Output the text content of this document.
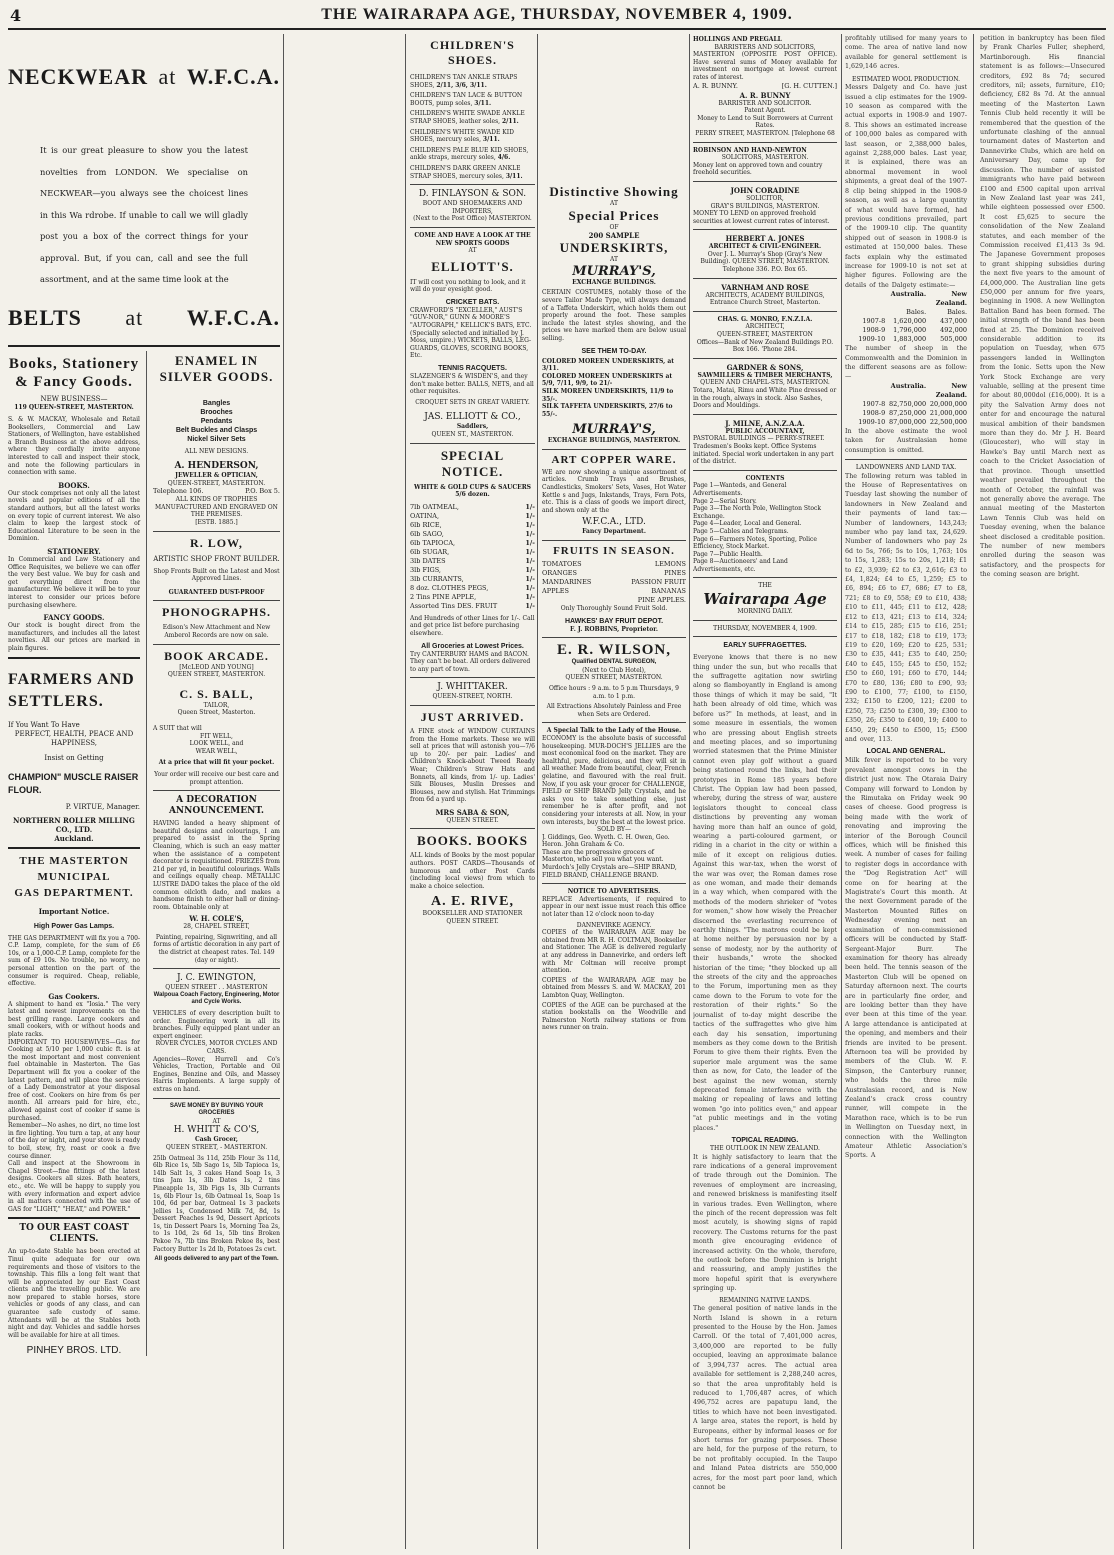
4	THE WAIRARAPA AGE, THURSDAY, NOVEMBER 4, 1909.
NECKWEAR at W.F.C.A.
It is our great pleasure to show you the latest novelties from LONDON. We specialise on NECKWEAR—you always see the choicest lines in this Wa rdrobe. If unable to call we will gladly post you a box of the correct things for your approval. But, if you can, call and see the full assortment, and at the same time look at the
BELTS at W.F.C.A.
Books, Stationery & Fancy Goods.
NEW BUSINESS—
119 QUEEN-STREET, MASTERTON.
S. & W. MACKAY, Wholesale and Retail Booksellers, Commercial and Law Stationers, of Wellington, have established a Branch Business at the above address, where they cordially invite anyone interested to call and inspect their stock, and note the following particulars in connection with same.
BOOKS.
Our stock comprises not only all the latest novels and popular editions of all the standard authors, but all the latest works on every topic of current interest. We also claim to keep the largest stock of Educational Literature to be seen in the Dominion.
STATIONERY.
In Commercial and Law Stationery and Office Requisites, we believe we can offer the very best value. We buy for cash and get everything direct from the manufacturer. We believe it will be to your interest to consider our prices before purchasing elsewhere.
FANCY GOODS.
Our stock is bought direct from the manufacturers, and includes all the latest novelties. All our prices are marked in plain figures.
FARMERS AND SETTLERS.
If You Want To Have
PERFECT, HEALTH, PEACE AND HAPPINESS,
Insist on Getting
CHAMPION" MUSCLE RAISER FLOUR.
P. VIRTUE, Manager.
NORTHERN ROLLER MILLING CO., LTD.
Auckland.
THE MASTERTON
MUNICIPAL
GAS DEPARTMENT.
Important Notice.
High Power Gas Lamps.
THE GAS DEPARTMENT will fix you a 700-C.P. Lamp, complete, for the sum of £6 10s, or a 1,000-C.P. Lamp, complete for the sum of £9 10s. No trouble, no worry, no personal attention on the part of the consumer is required. Cheap, reliable, effective.
Gas Cookers.
A shipment to hand ex "Iosia." The very latest and newest improvements on the best grilling range. Large cookers and small cookers, with or without hoods and plate racks.
IMPORTANT TO HOUSEWIVES—Gas for Cooking at 5/10 per 1,000 cubic ft. is at the most important and most convenient fuel obtainable in Masterton. The Gas Department will fix you a cooker of the latest pattern, and will place the services of a Lady Demonstrator at your disposal free of cost. Cookers on hire from 6s per month. All arrears paid for hire, etc., allowed against cost of cooker if same is purchased.
Remember—No ashes, no dirt, no time lost in fire lighting. You turn a tap, at any hour of the day or night, and your stove is ready to boil, stew, fry, roast or cook a five course dinner.
Call and inspect at the Showroom in Chapel Street—fine fittings of the latest designs. Cookers all sizes. Bath heaters, etc., etc. We will be happy to supply you with every information and expert advice in all matters connected with the use of GAS for "LIGHT," "HEAT," and POWER."
TO OUR EAST COAST CLIENTS.
An up-to-date Stable has been erected at Tinui quite adequate for our own requirements and those of visitors to the township. This fills a long felt want that will be appreciated by our East Coast clients and the travelling public. We are now prepared to stable horses, store vehicles or goods of any class, and can guarantee safe custody of same. Attendants will be at the Stables both night and day. Vehicles and saddle horses will be available for hire at all times.
PINHEY BROS. LTD.
ENAMEL IN SILVER GOODS.
Bangles
Brooches
Pendants
Belt Buckles and Clasps
Nickel Silver Sets
ALL NEW DESIGNS.
A. HENDERSON,
JEWELLER & OPTICIAN,
QUEEN-STREET, MASTERTON.
Telephone 106.	P.O. Box 5.
ALL KINDS OF TROPHIES MANUFACTURED AND ENGRAVED ON THE PREMISES.
[ESTB. 1885.]
R. LOW,
ARTISTIC SHOP FRONT BUILDER.
Shop Fronts Built on the Latest and Most Approved Lines.
GUARANTEED DUST-PROOF
PHONOGRAPHS.
Edison's New Attachment and New Amberol Records are now on sale.
BOOK ARCADE.
[McLEOD AND YOUNG]
QUEEN STREET, MASTERTON.
C. S. BALL,
TAILOR,
Queen Street, Masterton.
A SUIT that will
FIT WELL,
LOOK WELL, and
WEAR WELL,
At a price that will fit your pocket.
Your order will receive our best care and prompt attention.
A DECORATION ANNOUNCEMENT.
HAVING landed a heavy shipment of beautiful designs and colourings, I am prepared to assist in the Spring Cleaning, which is such an easy matter when the assistance of a competent decorator is requisitioned. FRIEZES from 21d per yd, in beautiful colourings. Walls and ceilings equally cheap. METALLIC LUSTRE DADO takes the place of the old common oilcloth dado, and makes a handsome finish to either hall or dining-room. Obtainable only at
W. H. COLE'S,
28, CHAPEL STREET,
Painting, repairing, Signwriting, and all forms of artistic decoration in any part of the district at cheapest rates. Tel. 149 (day or night).
J. C. EWINGTON,
QUEEN STREET . . MASTERTON
Walpoua Coach Factory, Engineering, Motor and Cycle Works.
VEHICLES of every description built to order. Engineering work in all its branches. Fully equipped plant under an expert engineer.
ROVER CYCLES, MOTOR CYCLES AND CARS.
Agencies—Rover, Hurrell and Co's Vehicles, Traction, Portable and Oil Engines, Benzine and Oils, and Massey Harris Implements. A large supply of extras on hand.
SAVE MONEY BY BUYING YOUR GROCERIES
AT
H. WHITT & CO'S,
Cash Grocer,
QUEEN STREET, - MASTERTON.
25lb Oatmeal 3s 11d, 25lb Flour 3s 11d, 6lb Rice 1s, 5lb Sago 1s, 5lb Tapioca 1s, 14lb Salt 1s, 3 cakes Hand Soap 1s, 3 tins Jam 1s, 3lb Dates 1s, 2 tins Pineapple 1s, 3lb Figs 1s, 3lb Currants 1s, 6lb Flour 1s, 6lb Oatmeal 1s, Soap 1s 10d, 6d per bar, Oatmeal 1s 3 packets Jellies 1s, Condensed Milk 7d, 8d, 1s Dessert Peaches 1s 9d, Dessert Apricots 1s, tin Dessert Pears 1s, Morning Tea 2s, to 1s 10d, 2s 6d 1s, 5lb tins Broken Pekoe 7s, 7lb tins Broken Pekoe 8s, best Factory Butter 1s 2d lb, Potatoes 2s cwt.
All goods delivered to any part of the Town.
CHILDREN'S SHOES.
CHILDREN'S TAN ANKLE STRAPS SHOES, 2/11, 3/6, 3/11.
CHILDREN'S TAN LACE & BUTTON BOOTS, pump soles, 3/11.
CHILDREN'S WHITE SWADE ANKLE STRAP SHOES, leather soles, 2/11.
CHILDREN'S WHITE SWADE KID SHOES, mercury soles, 3/11.
CHILDREN'S PALE BLUE KID SHOES, ankle straps, mercury soles, 4/6.
CHILDREN'S DARK GREEN ANKLE STRAP SHOES, mercury soles, 3/11.
D. FINLAYSON & SON.
BOOT AND SHOEMAKERS AND IMPORTERS,
(Next to the Post Office) MASTERTON.
COME AND HAVE A LOOK AT THE NEW SPORTS GOODS
AT
ELLIOTT'S.
IT will cost you nothing to look, and it will do your eyesight good.
CRICKET BATS.
CRAWFORD'S "EXCELLER," AUST'S "GUV-NOR," GUNN & MOORE'S "AUTOGRAPH," KELLICK'S BATS, ETC. (Specially selected and initialled by J. Moss, umpire.) WICKETS, BALLS, LEG-GUARDS, GLOVES, SCORING BOOKS, Etc.
TENNIS RACQUETS.
SLAZENGER'S & WISDEN'S, and they don't make better. BALLS, NETS, and all other requisites.
CROQUET SETS IN GREAT VARIETY.
JAS. ELLIOTT & CO.,
Saddlers,
QUEEN ST., MASTERTON.
SPECIAL NOTICE.
WHITE & GOLD CUPS & SAUCERS 5/6 dozen.
7lb OATMEAL,	1/-
OATINA,	1/-
6lb RICE,	1/-
6lb SAGO,	1/-
6lb TAPIOCA,	1/-
6lb SUGAR,	1/-
3lb DATES	1/-
3lb FIGS,	1/-
3lb CURRANTS,	1/-
8 doz. CLOTHES PEGS,	1/-
2 Tins PINE APPLE,	1/-
Assorted Tins DES. FRUIT	1/-
And Hundreds of other Lines for 1/-. Call and get price list before purchasing elsewhere.
All Groceries at Lowest Prices.
Try CANTERBURY HAMS and BACON. They can't be beat. All orders delivered to any part of town.
J. WHITTAKER.
QUEEN-STREET, NORTH.
JUST ARRIVED.
A FINE stock of WINDOW CURTAINS from the Home markets. These we will sell at prices that will astonish you—7/6 up to 20/- per pair. Ladies' and Children's Knock-about Tweed Ready Wear; Children's Straw Hats and Bonnets, all kinds, from 1/- up. Ladies' Silk Blouses, Muslin Dresses and Blouses, new and stylish. Hat Trimmings from 6d a yard up.
MRS SABA & SON,
QUEEN STREET.
BOOKS. BOOKS
ALL kinds of Books by the most popular authors. POST CARDS—Thousands of humorous and other Post Cards (including local views) from which to make a choice selection.
A. E. RIVE,
BOOKSELLER AND STATIONER
QUEEN STREET.
Distinctive Showing
AT
Special Prices
OF
200 SAMPLE
UNDERSKIRTS,
AT
MURRAY'S,
EXCHANGE BUILDINGS.
CERTAIN COSTUMES, notably those of the severe Tailor Made Type, will always demand of a Taffeta Underskirt, which holds them out properly around the foot. These samples include the latest styles showing, and the prices we have marked them are below usual selling.
SEE THEM TO-DAY.
COLORED MOREEN UNDERSKIRTS, at 3/11.
COLORED MOREEN UNDERSKIRTS at 5/9, 7/11, 9/9, to 21/-
SILK MOREEN UNDERSKIRTS, 11/9 to 35/-.
SILK TAFFETA UNDERSKIRTS, 27/6 to 55/-.
MURRAY'S,
EXCHANGE BUILDINGS, MASTERTON.
ART COPPER WARE.
WE are now showing a unique assortment of articles. Crumb Trays and Brushes, Candlesticks, Smokers' Sets, Vases, Hot Water Kettle s and Jugs, Inkstands, Trays, Fern Pots, etc. This is a class of goods we import direct, and shown only at the
W.F.C.A., LTD.
Fancy Department.
FRUITS IN SEASON.
TOMATOES	LEMONS
ORANGES	PINES
MANDARINES	PASSION FRUIT
APPLES	BANANAS
PINE APPLES.
Only Thoroughly Sound Fruit Sold.
HAWKES' BAY FRUIT DEPOT.
F. J. ROBBINS, Proprietor.
E. R. WILSON,
Qualified DENTAL SURGEON,
(Next to Club Hotel),
QUEEN STREET, MASTERTON.
Office hours : 9 a.m. to 5 p.m Thursdays, 9 a.m. to 1 p.m.
All Extractions Absolutely Painless and Free when Sets are Ordered.
A Special Talk to the Lady of the House.
ECONOMY is the absolute basis of successful housekeeping. MUR-DOCH'S JELLIES are the most economical food on the market. They are healthful, pure, delicious, and they will sit in all weather. Made from beautiful, clear, French gelatine, and flavoured with the real fruit. Now, if you ask your grocer for CHALLENGE, FIELD or SHIP BRAND Jelly Crystals, and he asks you to take something else, just remember he is after profit, and not considering your interests at all. Now, in your own interests, buy the best at the lowest price.
SOLD BY—
J. Giddings, Geo. Wyeth. C. H. Owen, Geo. Heron. John Graham & Co.
These are the progressive grocers of Masterton, who sell you what you want.
Murdoch's Jelly Crystals are—SHIP BRAND, FIELD BRAND, CHALLENGE BRAND.
NOTICE TO ADVERTISERS.
REPLACE Advertisements, if required to appear in our next issue must reach this office not later than 12 o'clock noon to-day
DANNEVIRKE AGENCY.
COPIES of the WAIRARAPA AGE may be obtained from MR R. H. COLTMAN, Bookseller and Stationer. The AGE is delivered regularly at any address in Dannevirke, and orders left with Mr Coltman will receive prompt attention.
COPIES of the WAIRARAPA AGE may be obtained from Messrs S. and W. MACKAY, 201 Lambton Quay, Wellington.
COPIES of the AGE can be purchased at the station bookstalls on the Woodville and Palmerston North railway stations or from news runner on train.
HOLLINGS AND PREGALL
BARRISTERS AND SOLICITORS,
MASTERTON (OPPOSITE POST OFFICE). Have several sums of Money available for investment on mortgage at lowest current rates of interest.
A. R. BUNNY.	[G. H. CUTTEN.]
A. R. BUNNY
BARRISTER AND SOLICITOR.
Patent Agent.
Money to Lend to Suit Borrowers at Current Rates.
PERRY STREET, MASTERTON. [Telephone 68
ROBINSON AND HAND-NEWTON
SOLICITORS, MASTERTON.
Money lent on approved town and country freehold securities.
JOHN CORADINE
SOLICITOR,
GRAY'S BUILDINGS, MASTERTON.
MONEY TO LEND on approved freehold securities at lowest current rates of interest.
HERBERT A. JONES
ARCHITECT & CIVIL-ENGINEER.
Over J. L. Murray's Shop (Gray's New Building). QUEEN STREET, MASTERTON.
Telephone 336. P.O. Box 65.
VARNHAM AND ROSE
ARCHITECTS, ACADEMY BUILDINGS,
Entrance Church Street, Masterton.
CHAS. G. MONRO, F.N.Z.I.A.
ARCHITECT,
QUEEN-STREET, MASTERTON
Offices—Bank of New Zealand Buildings P.O. Box 166. 'Phone 284.
GARDNER & SONS,
SAWMILLERS & TIMBER MERCHANTS,
QUEEN AND CHAPEL-STS, MASTERTON.
Totara, Matai, Rimu and White Pine dressed or in the rough, always in stock. Also Sashes, Doors and Mouldings.
J. MILNE, A.N.Z.A.A.
PUBLIC ACCOUNTANT,
PASTORAL BUILDINGS — PERRY-STREET. Tradesmen's Books kept. Office Systems initiated. Special work undertaken in any part of the district.
CONTENTS
Page 1—Wanteds, and General Advertisements.
Page 2—Serial Story.
Page 3—The North Pole, Wellington Stock Exchange.
Page 4—Leader, Local and General.
Page 5—Cables and Telegrams.
Page 6—Farmers Notes, Sporting, Police Efficiency, Stock Market.
Page 7—Public Health.
Page 8—Auctioneers' and Land Advertisements, etc.
THE
Wairarapa Age
MORNING DAILY.
THURSDAY, NOVEMBER 4, 1909.
EARLY SUFFRAGETTES.
Everyone knows that there is no new thing under the sun, but who recalls that the suffragette agitation now swirling along so flamboyantly in England is among those things of which it may be said, "It hath been already of old time, which was before us?" In methods, at least, and in some measure in essentials, the women who are pressing about English streets and meeting places, and so importuning worried statesmen that the Prime Minister cannot even play golf without a guard being stationed round the links, had their prototypes in Rome 185 years before Christ. The Oppian law had been passed, whereby, during the stress of war, austere legislators thought to conceal class distinctions by preventing any woman having more than half an ounce of gold, wearing a parti-coloured garment, or riding in a chariot in the city or within a mile of it except on religious duties. Against this war-tax, when the worst of the war was over, the Roman dames rose as one woman, and made their demands in a way which, when compared with the methods of the modern shrieker of "votes for women," show how wisely the Preacher discerned the everlasting recurrence of earthly things. "The matrons could be kept at home neither by persuasion nor by a sense of modesty, nor by the authority of their husbands," wrote the shocked historian of the time; "they blocked up all the streets of the city and the approaches to the Forum, importuning men as they came down to the Forum to vote for the restoration of their rights." So the journalist of to-day might describe the tactics of the suffragettes who give him each day his sensation, importuning members as they come down to the British Forum to give them their rights. Even the superior male argument was the same then as now, for Cato, the leader of the best against the new woman, sternly deprecated female interference with the making or repealing of laws and letting women "go into politics even," and appear "at public meetings and in the voting places."
TOPICAL READING.
THE OUTLOOK IN NEW ZEALAND.
It is highly satisfactory to learn that the rare indications of a general improvement of trade through out the Dominion. The revenues of employment are increasing, and renewed briskness is manifesting itself in various trades. Even Wellington, where the pinch of the recent depression was felt most acutely, is showing signs of rapid recovery. The Customs returns for the past month give encouraging evidence of increased activity. On the whole, therefore, the outlook before the Dominion is bright and reassuring, and amply justifies the more hopeful spirit that is everywhere springing up.
REMAINING NATIVE LANDS.
The general position of native lands in the North Island is shown in a return presented to the House by the Hon. James Carroll. Of the total of 7,401,000 acres, 3,400,000 are reported to be fully occupied, leaving an approximate balance of 3,994,737 acres. The actual area available for settlement is 2,288,240 acres, so that the area unprofitably held is reduced to 1,706,487 acres, of which 496,752 acres are papatupu land, the titles to which have not been investigated. A large area, states the report, is held by Europeans, either by informal leases or for short terms for grazing purposes. These are held, for the purpose of the return, to be not profitably occupied. In the Taupo and Inland Patea districts are 550,000 acres, for the most part poor land, which cannot be
profitably utilised for many years to come. The area of native land now available for general settlement is 1,629,146 acres.
ESTIMATED WOOL PRODUCTION.
Messrs Dalgety and Co. have just issued a clip estimates for the 1909-10 season as compared with the actual exports in 1908-9 and 1907-8. This shows an estimated increase of 100,000 bales as compared with last season, or 2,388,000 bales, against 2,288,000 bales. Last year, it is explained, there was an abnormal movement in wool shipments, a great deal of the 1907-8 clip being shipped in the 1908-9 season, as well as a large quantity of what would have formed, had previous conditions prevailed, part of the 1909-10 clip. The quantity shipped out of season in 1908-9 is estimated at 150,000 bales. These facts explain why the estimated increase for 1909-10 is not set at higher figures. Following are the details of the Dalgety estimate:—
Australia.	New Zealand.
Bales.	Bales.
1907-8	1,620,000	437,000
1908-9	1,796,000	492,000
1909-10	1,883,000	505,000
The number of sheep in the Commonwealth and the Dominion in the different seasons are as follow:—
Australia.	New Zealand.
1907-8 82,750,000 20,000,000
1908-9 87,250,000 21,000,000
1909-10 87,000,000 22,500,000
In the above estimate the wool taken for Australasian home consumption is omitted.
LANDOWNERS AND LAND TAX.
The following return was tabled in the House of Representatives on Tuesday last showing the number of landowners in New Zealand and their payments of land tax:—Number of landowners, 143,243; number who pay land tax, 24,629. Number of landowners who pay 2s 6d to 5s, 766; 5s to 10s, 1,763; 10s to 15s, 1,283; 15s to 20s, 1,218; £1 to £2, 3,939; £2 to £3, 2,616; £3 to £4, 1,824; £4 to £5, 1,259; £5 to £6, 894; £6 to £7, 686; £7 to £8, 721; £8 to £9, 558; £9 to £10, 438; £10 to £11, 445; £11 to £12, 428; £12 to £13, 421; £13 to £14, 324; £14 to £15, 285; £15 to £16, 251; £17 to £18, 182; £18 to £19, 173; £19 to £20, 169; £20 to £25, 531; £30 to £35, 441; £35 to £40, 250; £40 to £45, 155; £45 to £50, 152; £50 to £60, 191; £60 to £70, 144; £70 to £80, 136; £80 to £90, 93; £90 to £100, 77; £100, to £150, 232; £150 to £200, 121; £200 to £250, 73; £250 to £300, 39; £300 to £350, 26; £350 to £400, 19; £400 to £450, 29; £450 to £500, 15; £500 and over, 113.
LOCAL AND GENERAL.
Milk fever is reported to be very prevalent amongst cows in the district just now. The Otaraia Dairy Company will forward to London by the Rimutaka on Friday week 90 cases of cheese. Good progress is being made with the work of renovating and improving the interior of the Borough Council offices, which will be finished this week. A number of cases for failing to register dogs in accordance with the "Dog Registration Act" will come on for hearing at the Magistrate's Court this month. At the next Government parade of the Masterton Mounted Rifles on Wednesday evening next an examination of non-commissioned officers will be conducted by Staff-Sergeant-Major Burr. The examination for theory has already been held. The tennis season of the Masterton Club will be opened on Saturday afternoon next. The courts are in particularly fine order, and are looking better than they have ever been at this time of the year. A large attendance is anticipated at the opening, and members and their friends are invited to be present. Afternoon tea will be provided by members of the Club. W. F. Simpson, the Canterbury runner, who holds the three mile Australasian record, and is New Zealand's crack cross country runner, will compete in the Marathon race, which is to be run in Wellington on Tuesday next, in connection with the Wellington Amateur Athletic Association's Sports. A
petition in bankruptcy has been filed by Frank Charles Fuller, shepherd, Martinborough. His financial statement is as follows:—Unsecured creditors, £92 8s 7d; secured creditors, nil; assets, furniture, £10; deficiency, £82 8s 7d. At the annual meeting of the Masterton Lawn Tennis Club held recently it will be remembered that the question of the unfortunate clashing of the annual tournament dates of Masterton and Dannevirke Clubs, which are held on Anniversary Day, came up for discussion. The number of assisted immigrants who have paid between £100 and £500 capital upon arrival in New Zealand last year was 241, while eighteen possessed over £500. It cost £5,625 to secure the consolidation of the New Zealand statutes, and each member of the Commission received £1,413 3s 9d. The Japanese Government proposes to grant shipping subsidies during the next five years to the amount of £4,000,000. The Australian line gets £50,000 per annum for five years, beginning in 1908. A new Wellington Battalion Band has been formed. The initial strength of the band has been fixed at 25. The Dominion received considerable addition to its population on Tuesday, when 675 passengers landed in Wellington from the Ionic. Setts upon the New York Stock Exchange are very valuable, selling at the present time for about 80,000dol (£16,000). It is a pity the Salvation Army does not enter for and encourage the natural musical ambition of their bandsmen more than they do. Mr J. H. Beard (Gloucester), who will stay in Hawke's Bay until March next as coach to the Cricket Association of that province. Though unsettled weather prevailed throughout the month of October, the rainfall was not generally above the average. The annual meeting of the Masterton Lawn Tennis Club was held on Tuesday evening, when the balance sheet disclosed a creditable position. The number of new members enrolled during the season was satisfactory, and the prospects for the coming season are bright.
